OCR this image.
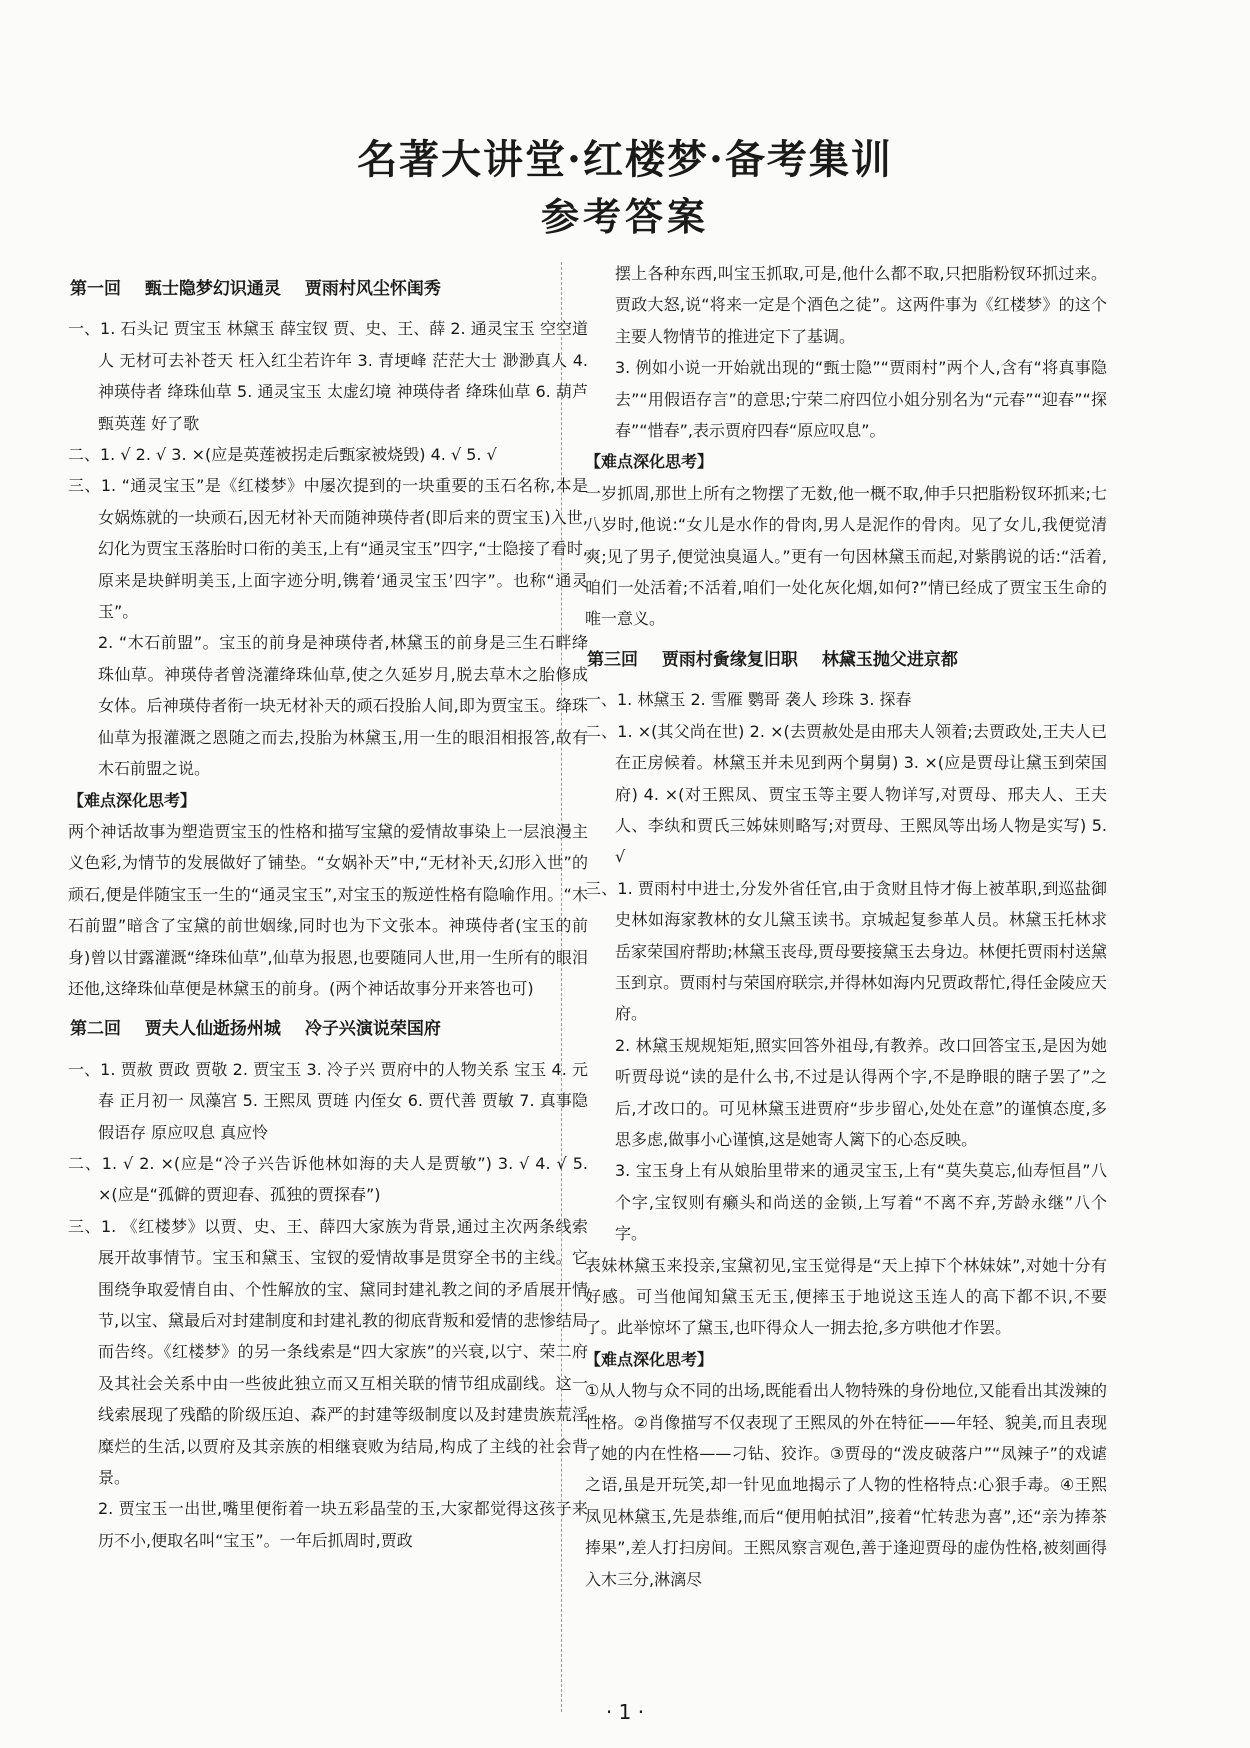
名著大讲堂·红楼梦·备考集训
参考答案
第一回 甄士隐梦幻识通灵 贾雨村风尘怀闺秀

一、1. 石头记 贾宝玉 林黛玉 薛宝钗 贾、史、王、薛 2. 通灵宝玉 空空道人 无材可去补苍天 枉入红尘若许年 3. 青埂峰 茫茫大士 渺渺真人 4. 神瑛侍者 绛珠仙草 5. 通灵宝玉 太虚幻境 神瑛侍者 绛珠仙草 6. 葫芦 甄英莲 好了歌

二、1. √ 2. √ 3. ×(应是英莲被拐走后甄家被烧毁) 4. √ 5. √

三、1. “通灵宝玉”是《红楼梦》中屡次提到的一块重要的玉石名称,本是女娲炼就的一块顽石,因无材补天而随神瑛侍者(即后来的贾宝玉)入世,幻化为贾宝玉落胎时口衔的美玉,上有“通灵宝玉”四字,“士隐接了看时,原来是块鲜明美玉,上面字迹分明,镌着‘通灵宝玉’四字”。也称“通灵玉”。

2. “木石前盟”。宝玉的前身是神瑛侍者,林黛玉的前身是三生石畔绛珠仙草。神瑛侍者曾浇灌绛珠仙草,使之久延岁月,脱去草木之胎修成女体。后神瑛侍者衔一块无材补天的顽石投胎人间,即为贾宝玉。绛珠仙草为报灌溉之恩随之而去,投胎为林黛玉,用一生的眼泪相报答,故有木石前盟之说。

【难点深化思考】

两个神话故事为塑造贾宝玉的性格和描写宝黛的爱情故事染上一层浪漫主义色彩,为情节的发展做好了铺垫。“女娲补天”中,“无材补天,幻形入世”的顽石,便是伴随宝玉一生的“通灵宝玉”,对宝玉的叛逆性格有隐喻作用。“木石前盟”暗含了宝黛的前世姻缘,同时也为下文张本。神瑛侍者(宝玉的前身)曾以甘露灌溉“绛珠仙草”,仙草为报恩,也要随同人世,用一生所有的眼泪还他,这绛珠仙草便是林黛玉的前身。(两个神话故事分开来答也可)

第二回 贾夫人仙逝扬州城 冷子兴演说荣国府

一、1. 贾赦 贾政 贾敬 2. 贾宝玉 3. 冷子兴 贾府中的人物关系 宝玉 4. 元春 正月初一 凤藻宫 5. 王熙凤 贾琏 内侄女 6. 贾代善 贾敏 7. 真事隐 假语存 原应叹息 真应怜

二、1. √ 2. ×(应是“冷子兴告诉他林如海的夫人是贾敏”) 3. √ 4. √ 5. ×(应是“孤僻的贾迎春、孤独的贾探春”)

三、1. 《红楼梦》以贾、史、王、薛四大家族为背景,通过主次两条线索展开故事情节。宝玉和黛玉、宝钗的爱情故事是贯穿全书的主线。它围绕争取爱情自由、个性解放的宝、黛同封建礼教之间的矛盾展开情节,以宝、黛最后对封建制度和封建礼教的彻底背叛和爱情的悲惨结局而告终。《红楼梦》的另一条线索是“四大家族”的兴衰,以宁、荣二府及其社会关系中由一些彼此独立而又互相关联的情节组成副线。这一线索展现了残酷的阶级压迫、森严的封建等级制度以及封建贵族荒淫糜烂的生活,以贾府及其亲族的相继衰败为结局,构成了主线的社会背景。

2. 贾宝玉一出世,嘴里便衔着一块五彩晶莹的玉,大家都觉得这孩子来历不小,便取名叫“宝玉”。一年后抓周时,贾政

摆上各种东西,叫宝玉抓取,可是,他什么都不取,只把脂粉钗环抓过来。贾政大怒,说“将来一定是个酒色之徒”。这两件事为《红楼梦》的这个主要人物情节的推进定下了基调。

3. 例如小说一开始就出现的“甄士隐”“贾雨村”两个人,含有“将真事隐去”“用假语存言”的意思;宁荣二府四位小姐分别名为“元春”“迎春”“探春”“惜春”,表示贾府四春“原应叹息”。

【难点深化思考】

一岁抓周,那世上所有之物摆了无数,他一概不取,伸手只把脂粉钗环抓来;七八岁时,他说:“女儿是水作的骨肉,男人是泥作的骨肉。见了女儿,我便觉清爽;见了男子,便觉浊臭逼人。”更有一句因林黛玉而起,对紫鹃说的话:“活着,咱们一处活着;不活着,咱们一处化灰化烟,如何?”情已经成了贾宝玉生命的唯一意义。

第三回 贾雨村夤缘复旧职 林黛玉抛父进京都

一、1. 林黛玉 2. 雪雁 鹦哥 袭人 珍珠 3. 探春

二、1. ×(其父尚在世) 2. ×(去贾赦处是由邢夫人领着;去贾政处,王夫人已在正房候着。林黛玉并未见到两个舅舅) 3. ×(应是贾母让黛玉到荣国府) 4. ×(对王熙凤、贾宝玉等主要人物详写,对贾母、邢夫人、王夫人、李纨和贾氏三姊妹则略写;对贾母、王熙凤等出场人物是实写) 5. √

三、1. 贾雨村中进士,分发外省任官,由于贪财且恃才侮上被革职,到巡盐御史林如海家教林的女儿黛玉读书。京城起复参革人员。林黛玉托林求岳家荣国府帮助;林黛玉丧母,贾母要接黛玉去身边。林便托贾雨村送黛玉到京。贾雨村与荣国府联宗,并得林如海内兄贾政帮忙,得任金陵应天府。

2. 林黛玉规规矩矩,照实回答外祖母,有教养。改口回答宝玉,是因为她听贾母说“读的是什么书,不过是认得两个字,不是睁眼的瞎子罢了”之后,才改口的。可见林黛玉进贾府“步步留心,处处在意”的谨慎态度,多思多虑,做事小心谨慎,这是她寄人篱下的心态反映。

3. 宝玉身上有从娘胎里带来的通灵宝玉,上有“莫失莫忘,仙寿恒昌”八个字,宝钗则有癞头和尚送的金锁,上写着“不离不弃,芳龄永继”八个字。

表妹林黛玉来投亲,宝黛初见,宝玉觉得是“天上掉下个林妹妹”,对她十分有好感。可当他闻知黛玉无玉,便摔玉于地说这玉连人的高下都不识,不要了。此举惊坏了黛玉,也吓得众人一拥去抢,多方哄他才作罢。

【难点深化思考】

①从人物与众不同的出场,既能看出人物特殊的身份地位,又能看出其泼辣的性格。②肖像描写不仅表现了王熙凤的外在特征——年轻、貌美,而且表现了她的内在性格——刁钻、狡诈。③贾母的“泼皮破落户”“凤辣子”的戏谑之语,虽是开玩笑,却一针见血地揭示了人物的性格特点:心狠手毒。④王熙凤见林黛玉,先是恭维,而后“便用帕拭泪”,接着“忙转悲为喜”,还“亲为捧茶捧果”,差人打扫房间。王熙凤察言观色,善于逢迎贾母的虚伪性格,被刻画得入木三分,淋漓尽

· 1 ·
